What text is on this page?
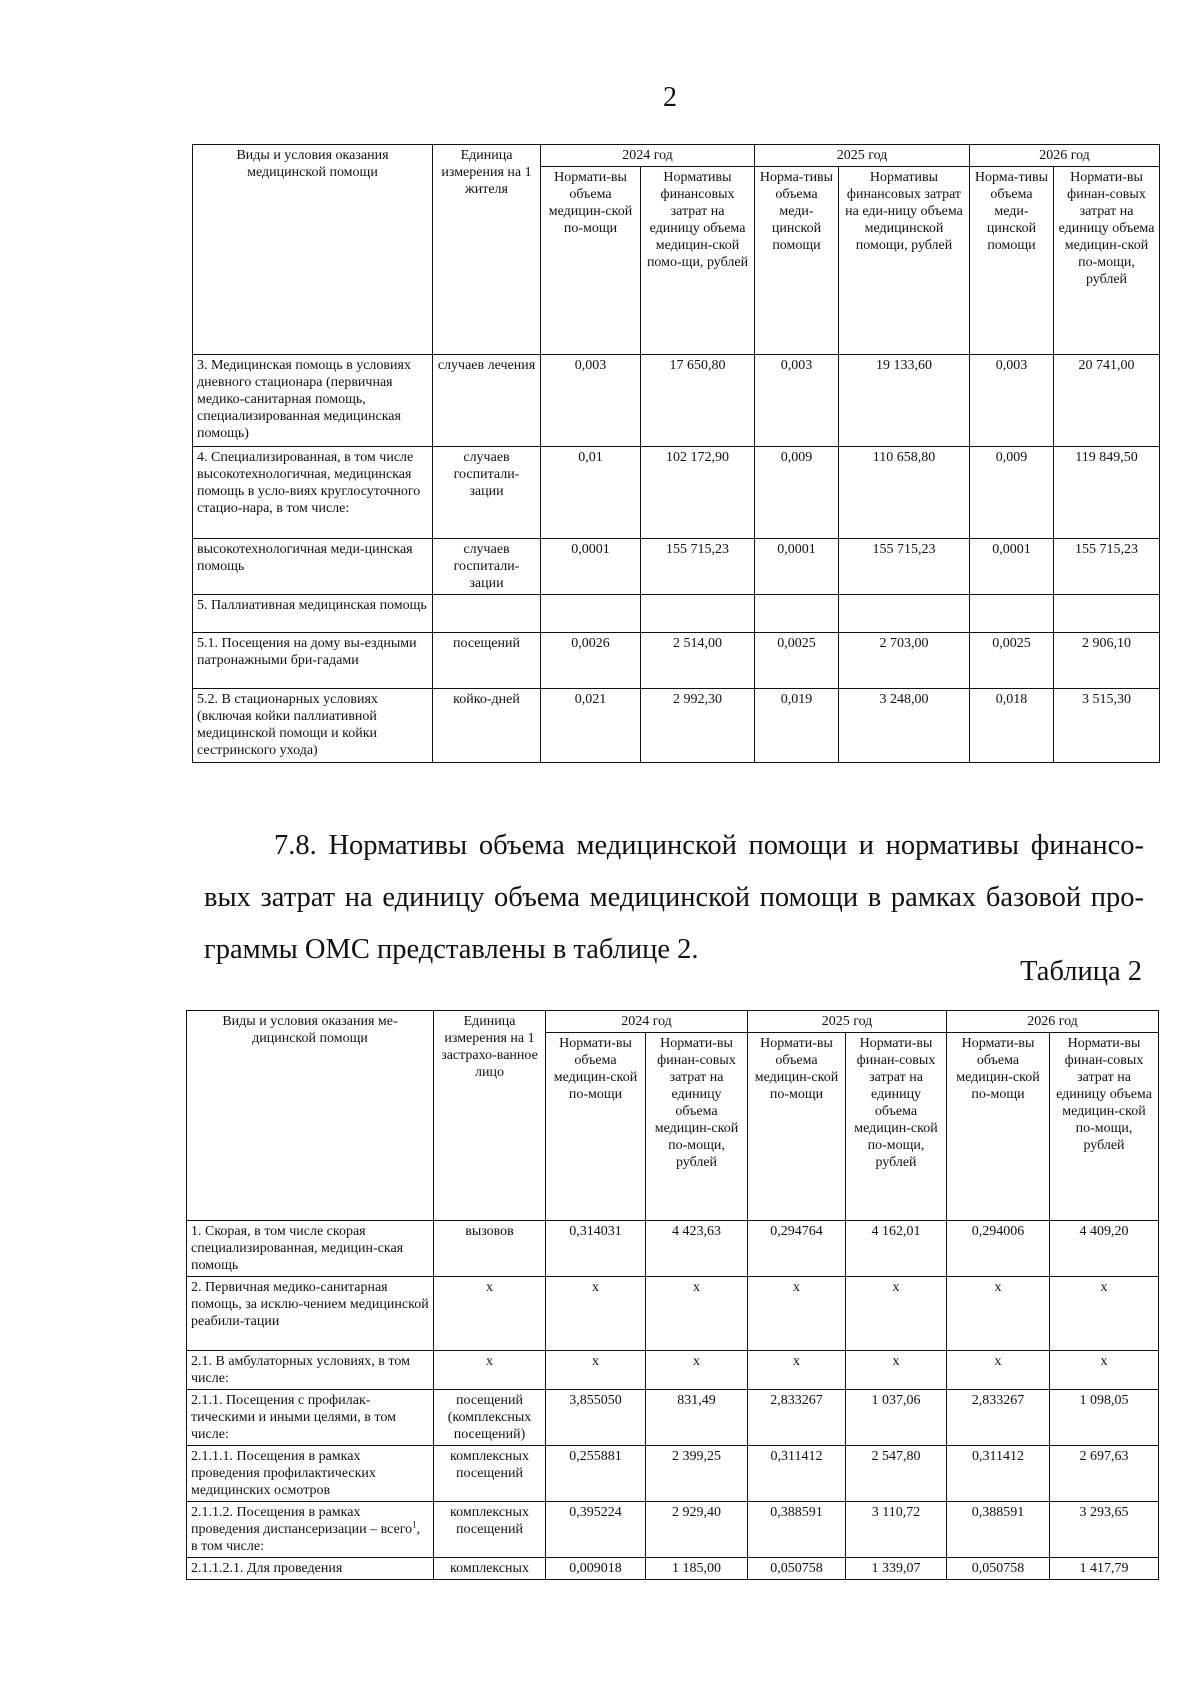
2
Виды и условия оказания медицинской помощи	Единица измерения на 1 жителя	2024 год		2025 год		2026 год	
		Нормати-вы объема медицин-ской по-мощи	Нормативы финансовых затрат на единицу объема медицин-ской помо-щи, рублей	Норма-тивы объема меди-цинской помощи	Нормативы финансовых затрат на еди-ницу объема медицинской помощи, рублей	Норма-тивы объема меди-цинской помощи	Нормати-вы финан-совых затрат на единицу объема медицин-ской по-мощи, рублей
3. Медицинская помощь в условиях дневного стационара (первичная медико-санитарная помощь, специализированная медицинская помощь)	случаев лечения	0,003	17 650,80	0,003	19 133,60	0,003	20 741,00
4. Специализированная, в том числе высокотехнологичная, медицинская помощь в усло-виях круглосуточного стацио-нара, в том числе:	случаев госпитали-зации	0,01	102 172,90	0,009	110 658,80	0,009	119 849,50
высокотехнологичная меди-цинская помощь	случаев госпитали-зации	0,0001	155 715,23	0,0001	155 715,23	0,0001	155 715,23
5. Паллиативная медицинская помощь							
5.1. Посещения на дому вы-ездными патронажными бри-гадами	посещений	0,0026	2 514,00	0,0025	2 703,00	0,0025	2 906,10
5.2. В стационарных условиях (включая койки паллиативной медицинской помощи и койки сестринского ухода)	койко-дней	0,021	2 992,30	0,019	3 248,00	0,018	3 515,30
7.8. Нормативы объема медицинской помощи и нормативы финансо-вых затрат на единицу объема медицинской помощи в рамках базовой про-граммы ОМС представлены в таблице 2.
Таблица 2
Виды и условия оказания ме-дицинской помощи	Единица измерения на 1 застрахо-ванное лицо	2024 год		2025 год		2026 год	
		Нормати-вы объема медицин-ской по-мощи	Нормати-вы финан-совых затрат на единицу объема медицин-ской по-мощи, рублей	Нормати-вы объема медицин-ской по-мощи	Нормати-вы финан-совых затрат на единицу объема медицин-ской по-мощи, рублей	Нормати-вы объема медицин-ской по-мощи	Нормати-вы финан-совых затрат на единицу объема медицин-ской по-мощи, рублей
1. Скорая, в том числе скорая специализированная, медицин-ская помощь	вызовов	0,314031	4 423,63	0,294764	4 162,01	0,294006	4 409,20
2. Первичная медико-санитарная помощь, за исклю-чением медицинской реабили-тации	х	х	х	х	х	х	х
2.1. В амбулаторных условиях, в том числе:	х	х	х	х	х	х	х
2.1.1. Посещения с профилак-тическими и иными целями, в том числе:	посещений (комплексных посещений)	3,855050	831,49	2,833267	1 037,06	2,833267	1 098,05
2.1.1.1. Посещения в рамках проведения профилактических медицинских осмотров	комплексных посещений	0,255881	2 399,25	0,311412	2 547,80	0,311412	2 697,63
2.1.1.2. Посещения в рамках проведения диспансеризации – всего$^1$, в том числе:	комплексных посещений	0,395224	2 929,40	0,388591	3 110,72	0,388591	3 293,65
2.1.1.2.1. Для проведения	комплексных	0,009018	1 185,00	0,050758	1 339,07	0,050758	1 417,79
